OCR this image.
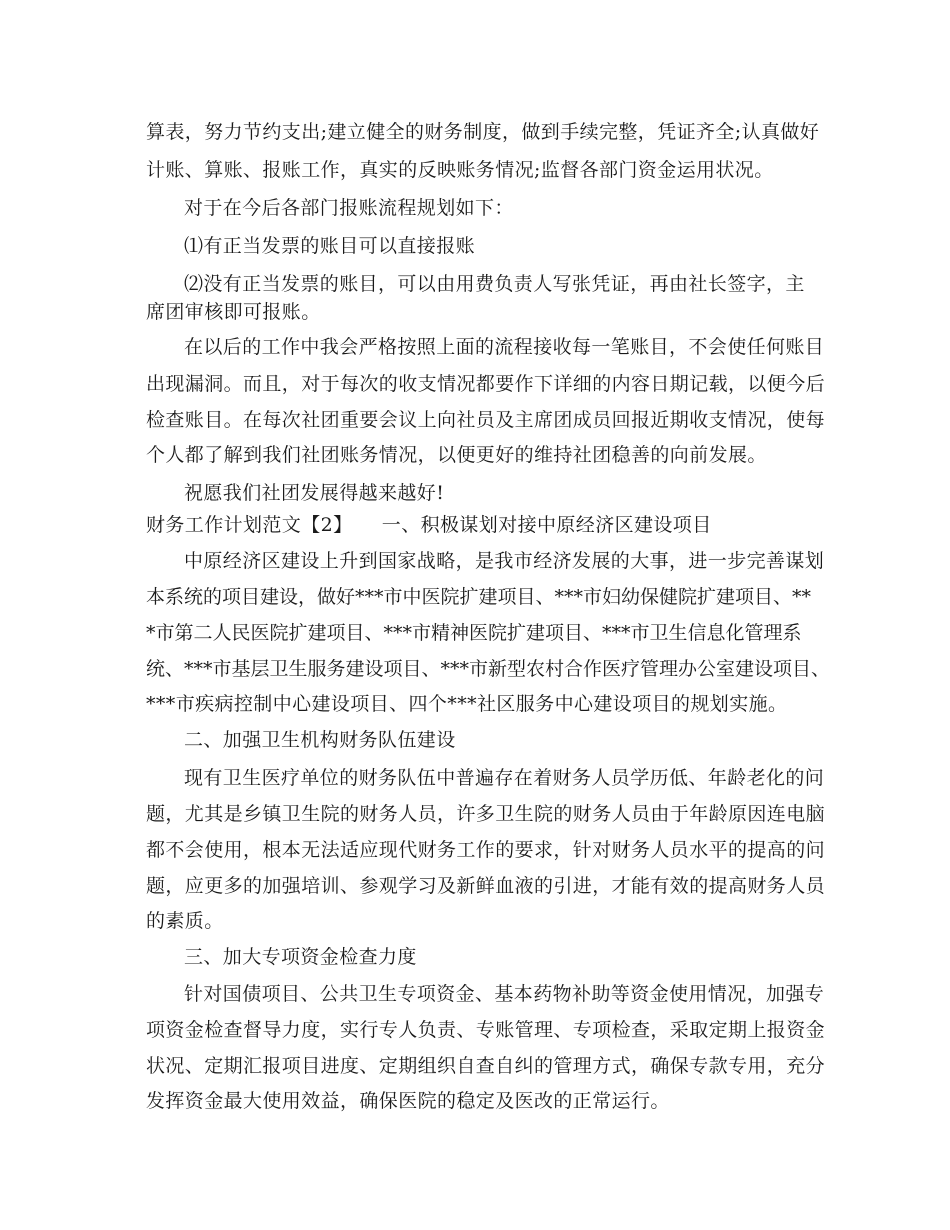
算表，努力节约支出;建立健全的财务制度，做到手续完整，凭证齐全;认真做好
计账、算账、报账工作，真实的反映账务情况;监督各部门资金运用状况。
对于在今后各部门报账流程规划如下：
⑴有正当发票的账目可以直接报账
⑵没有正当发票的账目，可以由用费负责人写张凭证，再由社长签字，主
席团审核即可报账。
在以后的工作中我会严格按照上面的流程接收每一笔账目，不会使任何账目
出现漏洞。而且，对于每次的收支情况都要作下详细的内容日期记载，以便今后
检查账目。在每次社团重要会议上向社员及主席团成员回报近期收支情况，使每
个人都了解到我们社团账务情况，以便更好的维持社团稳善的向前发展。
祝愿我们社团发展得越来越好!
财务工作计划范文【2】　　一、积极谋划对接中原经济区建设项目
中原经济区建设上升到国家战略，是我市经济发展的大事，进一步完善谋划
本系统的项目建设，做好***市中医院扩建项目、***市妇幼保健院扩建项目、**
*市第二人民医院扩建项目、***市精神医院扩建项目、***市卫生信息化管理系
统、***市基层卫生服务建设项目、***市新型农村合作医疗管理办公室建设项目、
***市疾病控制中心建设项目、四个***社区服务中心建设项目的规划实施。
二、加强卫生机构财务队伍建设
现有卫生医疗单位的财务队伍中普遍存在着财务人员学历低、年龄老化的问
题，尤其是乡镇卫生院的财务人员，许多卫生院的财务人员由于年龄原因连电脑
都不会使用，根本无法适应现代财务工作的要求，针对财务人员水平的提高的问
题，应更多的加强培训、参观学习及新鲜血液的引进，才能有效的提高财务人员
的素质。
三、加大专项资金检查力度
针对国债项目、公共卫生专项资金、基本药物补助等资金使用情况，加强专
项资金检查督导力度，实行专人负责、专账管理、专项检查，采取定期上报资金
状况、定期汇报项目进度、定期组织自查自纠的管理方式，确保专款专用，充分
发挥资金最大使用效益，确保医院的稳定及医改的正常运行。
